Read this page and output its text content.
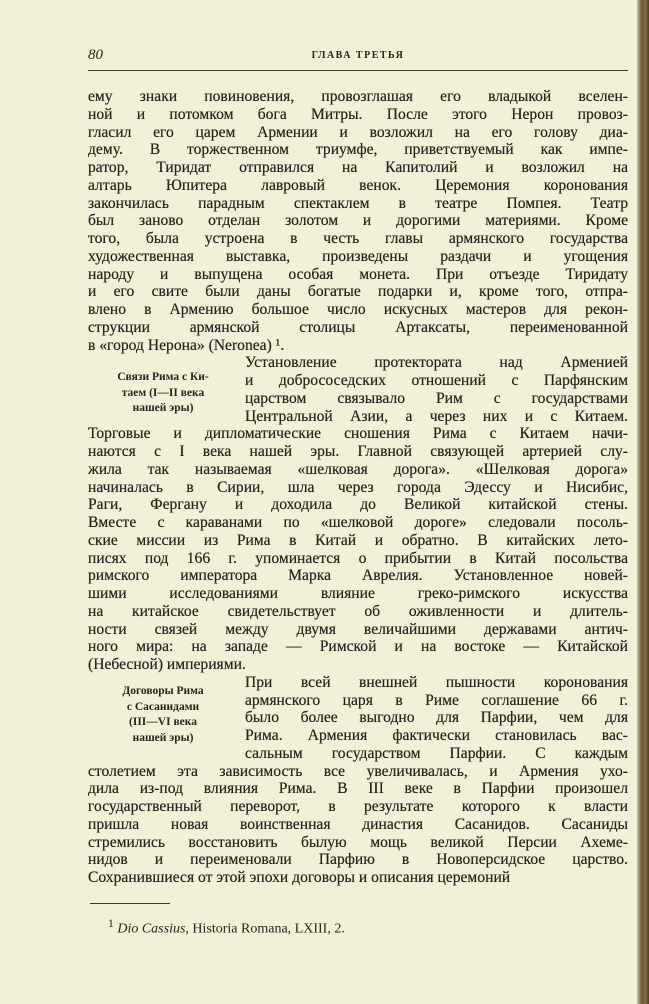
80	ГЛАВА ТРЕТЬЯ
ему знаки повиновения, провозглашая его владыкой вселен-
ной и потомком бога Митры. После этого Нерон провоз-
гласил его царем Армении и возложил на его голову диа-
дему. В торжественном триумфе, приветствуемый как импе-
ратор, Тиридат отправился на Капитолий и возложил на
алтарь Юпитера лавровый венок. Церемония коронования
закончилась парадным спектаклем в театре Помпея. Театр
был заново отделан золотом и дорогими материями. Кроме
того, была устроена в честь главы армянского государства
художественная выставка, произведены раздачи и угощения
народу и выпущена особая монета. При отъезде Тиридату
и его свите были даны богатые подарки и, кроме того, отпра-
влено в Армению большое число искусных мастеров для рекон-
струкции армянской столицы Артаксаты, переименованной
в «город Нерона» (Neronea) ¹.
Установление протектората над Арменией
и добрососедских отношений с Парфянским
царством связывало Рим с государствами
Центральной Азии, а через них и с Китаем.
Торговые и дипломатические сношения Рима с Китаем начи-
наются с I века нашей эры. Главной связующей артерией слу-
жила так называемая «шелковая дорога». «Шелковая дорога»
начиналась в Сирии, шла через города Эдессу и Нисибис,
Раги, Фергану и доходила до Великой китайской стены.
Вместе с караванами по «шелковой дороге» следовали посоль-
ские миссии из Рима в Китай и обратно. В китайских лето-
писях под 166 г. упоминается о прибытии в Китай посольства
римского императора Марка Аврелия. Установленное новей-
шими исследованиями влияние греко-римского искусства
на китайское свидетельствует об оживленности и длитель-
ности связей между двумя величайшими державами антич-
ного мира: на западе — Римской и на востоке — Китайской
(Небесной) империями.
При всей внешней пышности коронования
армянского царя в Риме соглашение 66 г.
было более выгодно для Парфии, чем для
Рима. Армения фактически становилась вас-
сальным государством Парфии. С каждым
столетием эта зависимость все увеличивалась, и Армения ухо-
дила из-под влияния Рима. В III веке в Парфии произошел
государственный переворот, в результате которого к власти
пришла новая воинственная династия Сасанидов. Сасаниды
стремились восстановить былую мощь великой Персии Ахеме-
нидов и переименовали Парфию в Новоперсидское царство.
Сохранившиеся от этой эпохи договоры и описания церемоний
Связи Рима с Ки-
таем (I—II века
нашей эры)
Договоры Рима
с Сасанидами
(III—VI века
нашей эры)
$^1$ Dio Cassius, Historia Romana, LXIII, 2.
